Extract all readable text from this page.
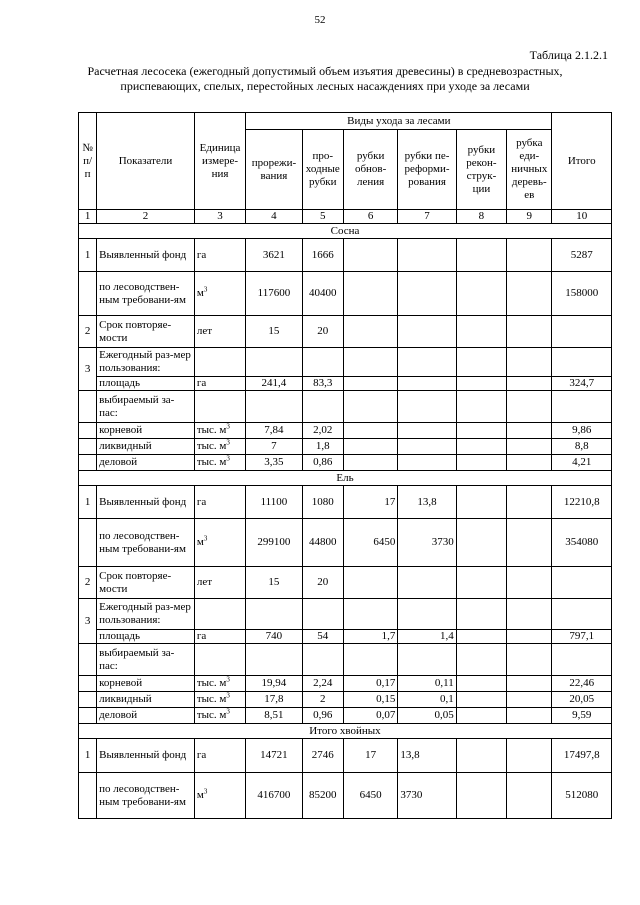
52
Таблица 2.1.2.1
Расчетная лесосека (ежегодный допустимый объем изъятия древесины) в средневозрастных, приспевающих, спелых, перестойных лесных насаждениях при уходе за лесами
№ п/п	Показатели	Единица измере-ния	Виды ухода за лесами						Итого
			прорежи-вания	про-ходные рубки	рубки обнов-ления	рубки пе-реформи-рования	рубки рекон-струк-ции	рубка еди-ничных деревь-ев	
1	2	3	4	5	6	7	8	9	10
Сосна									
1	Выявленный фонд	га	3621	1666					5287
	по лесоводствен-ным требовани-ям	$м^3$	117600	40400					158000
2	Срок повторяе-мости	лет	15	20					
3	Ежегодный раз-мер пользования:								
	площадь	га	241,4	83,3					324,7
	выбираемый за-пас:								
	корневой	тыс. $м^3$	7,84	2,02					9,86
	ликвидный	тыс. $м^3$	7	1,8					8,8
	деловой	тыс. $м^3$	3,35	0,86					4,21
Ель									
1	Выявленный фонд	га	11100	1080	17	13,8			12210,8
	по лесоводствен-ным требовани-ям	$м^3$	299100	44800	6450	3730			354080
2	Срок повторяе-мости	лет	15	20					
3	Ежегодный раз-мер пользования:								
	площадь	га	740	54	1,7	1,4			797,1
	выбираемый за-пас:								
	корневой	тыс. $м^3$	19,94	2,24	0,17	0,11			22,46
	ликвидный	тыс. $м^3$	17,8	2	0,15	0,1			20,05
	деловой	тыс. $м^3$	8,51	0,96	0,07	0,05			9,59
Итого хвойных									
1	Выявленный фонд	га	14721	2746	17	13,8			17497,8
	по лесоводствен-ным требовани-ям	$м^3$	416700	85200	6450	3730			512080
